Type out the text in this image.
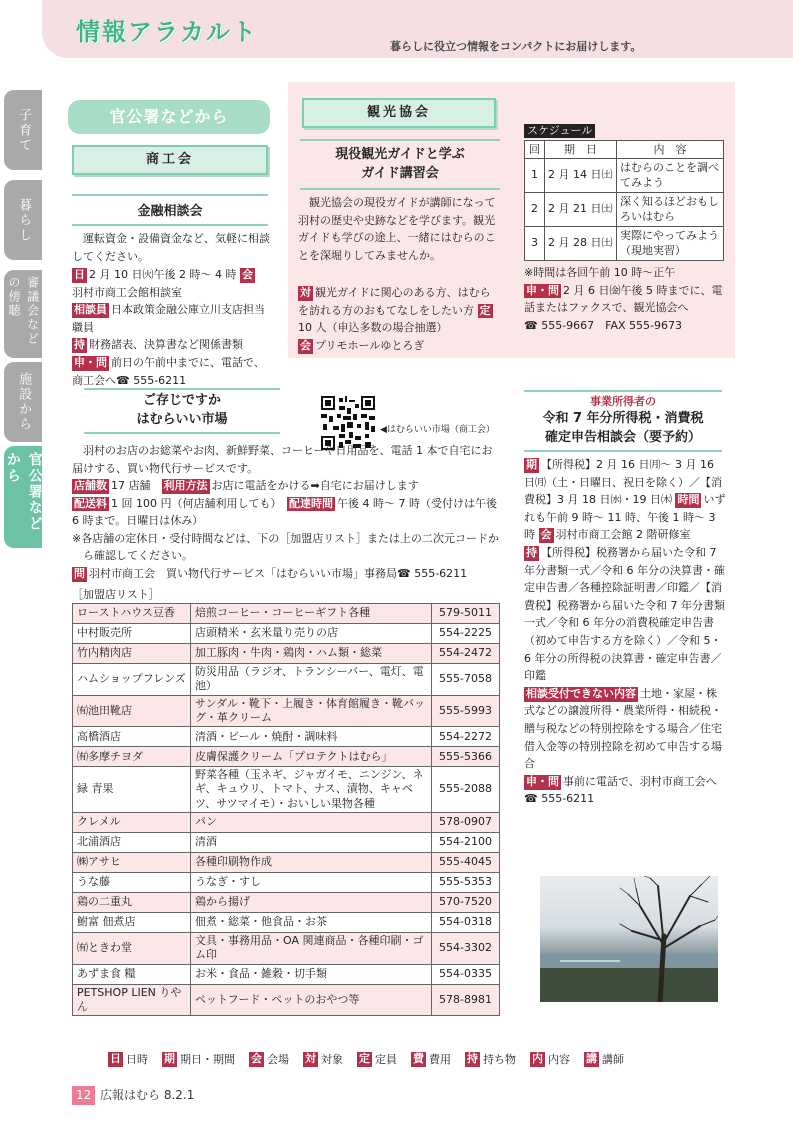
情報アラカルト
暮らしに役立つ情報をコンパクトにお届けします。
子育て
暮らし
審議会などの傍聴
施設から
官公署などから
官公署などから
商工会
金融相談会
運転資金・設備資金など、気軽に相談してください。
日 2 月 10 日㈫午後 2 時～ 4 時 会
羽村市商工会館相談室
相談員 日本政策金融公庫立川支店担当職員
持 財務諸表、決算書など関係書類
申・問 前日の午前中までに、電話で、商工会へ☎ 555-6211
観光協会
現役観光ガイドと学ぶ
ガイド講習会
観光協会の現役ガイドが講師になって羽村の歴史や史跡などを学びます。観光ガイドも学びの途上、一緒にはむらのことを深堀りしてみませんか。
対 観光ガイドに関心のある方、はむらを訪れる方のおもてなしをしたい方 定10 人（申込多数の場合抽選）
会 プリモホールゆとろぎ
スケジュール
回	期　日	内　容
1	2 月 14 日㈯	はむらのことを調べてみよう
2	2 月 21 日㈯	深く知るほどおもしろいはむら
3	2 月 28 日㈯	実際にやってみよう（現地実習）
※時間は各回午前 10 時～正午
申・問 2 月 6 日㈮午後 5 時までに、電話またはファクスで、観光協会へ
☎ 555-9667　FAX 555-9673
ご存じですか
はむらいい市場
◀はむらいい市場（商工会）
羽村のお店のお総菜やお肉、新鮮野菜、コーヒーや日用品を、電話 1 本で自宅にお届けする、買い物代行サービスです。
店舗数 17 店舗　 利用方法 お店に電話をかける➡自宅にお届けします
配送料 1 回 100 円（何店舗利用しても）　 配達時間 午後 4 時～ 7 時（受付けは午後 6 時まで。日曜日は休み）
※各店舗の定休日・受付時間などは、下の［加盟店リスト］または上の二次元コードから確認してください。
問 羽村市商工会　買い物代行サービス「はむらいい市場」事務局☎ 555-6211
［加盟店リスト］
ローストハウス豆香	焙煎コーヒー・コーヒーギフト各種	579-5011
中村販売所	店頭精米・玄米量り売りの店	554-2225
竹内精肉店	加工豚肉・牛肉・鶏肉・ハム類・総菜	554-2472
ハムショップフレンズ	防災用品（ラジオ、トランシーバー、電灯、電池）	555-7058
㈲池田靴店	サンダル・靴下・上履き・体育館履き・靴バッグ・革クリーム	555-5993
高橋酒店	清酒・ビール・焼酎・調味料	554-2272
㈲多摩チヨダ	皮膚保護クリーム「プロテクトはむら」	555-5366
緑 青果	野菜各種（玉ネギ、ジャガイモ、ニンジン、ネギ、キュウリ、トマト、ナス、漬物、キャベツ、サツマイモ）・おいしい果物各種	555-2088
クレメル	パン	578-0907
北浦酒店	清酒	554-2100
㈱アサヒ	各種印刷物作成	555-4045
うな藤	うなぎ・すし	555-5353
鶏の二重丸	鶏から揚げ	570-7520
鮒富 佃煮店	佃煮・総菜・他食品・お茶	554-0318
㈲ときわ堂	文具・事務用品・OA 関連商品・各種印刷・ゴム印	554-3302
あずま食 糧	お米・食品・雑穀・切手類	554-0335
PETSHOP LIEN りやん	ペットフード・ペットのおやつ等	578-8981
事業所得者の
令和 7 年分所得税・消費税
確定申告相談会（要予約）
期 【所得税】2 月 16 日㈪～ 3 月 16 日㈪（土・日曜日、祝日を除く）／【消費税】3 月 18 日㈬・19 日㈭ 時間 いずれも午前 9 時～ 11 時、午後 1 時～ 3 時 会 羽村市商工会館 2 階研修室
持 【所得税】税務署から届いた令和 7 年分書類一式／令和 6 年分の決算書・確定申告書／各種控除証明書／印鑑／【消費税】税務署から届いた令和 7 年分書類一式／令和 6 年分の消費税確定申告書（初めて申告する方を除く）／令和 5・6 年分の所得税の決算書・確定申告書／印鑑
相談受付できない内容 土地・家屋・株式などの譲渡所得・農業所得・相続税・贈与税などの特別控除をする場合／住宅借入金等の特別控除を初めて申告する場合
申・問 事前に電話で、羽村市商工会へ☎ 555-6211
日 日時 期 期日・期間 会 会場 対 対象 定 定員 費 費用 持 持ち物 内 内容 講 講師
12 広報はむら 8.2.1
